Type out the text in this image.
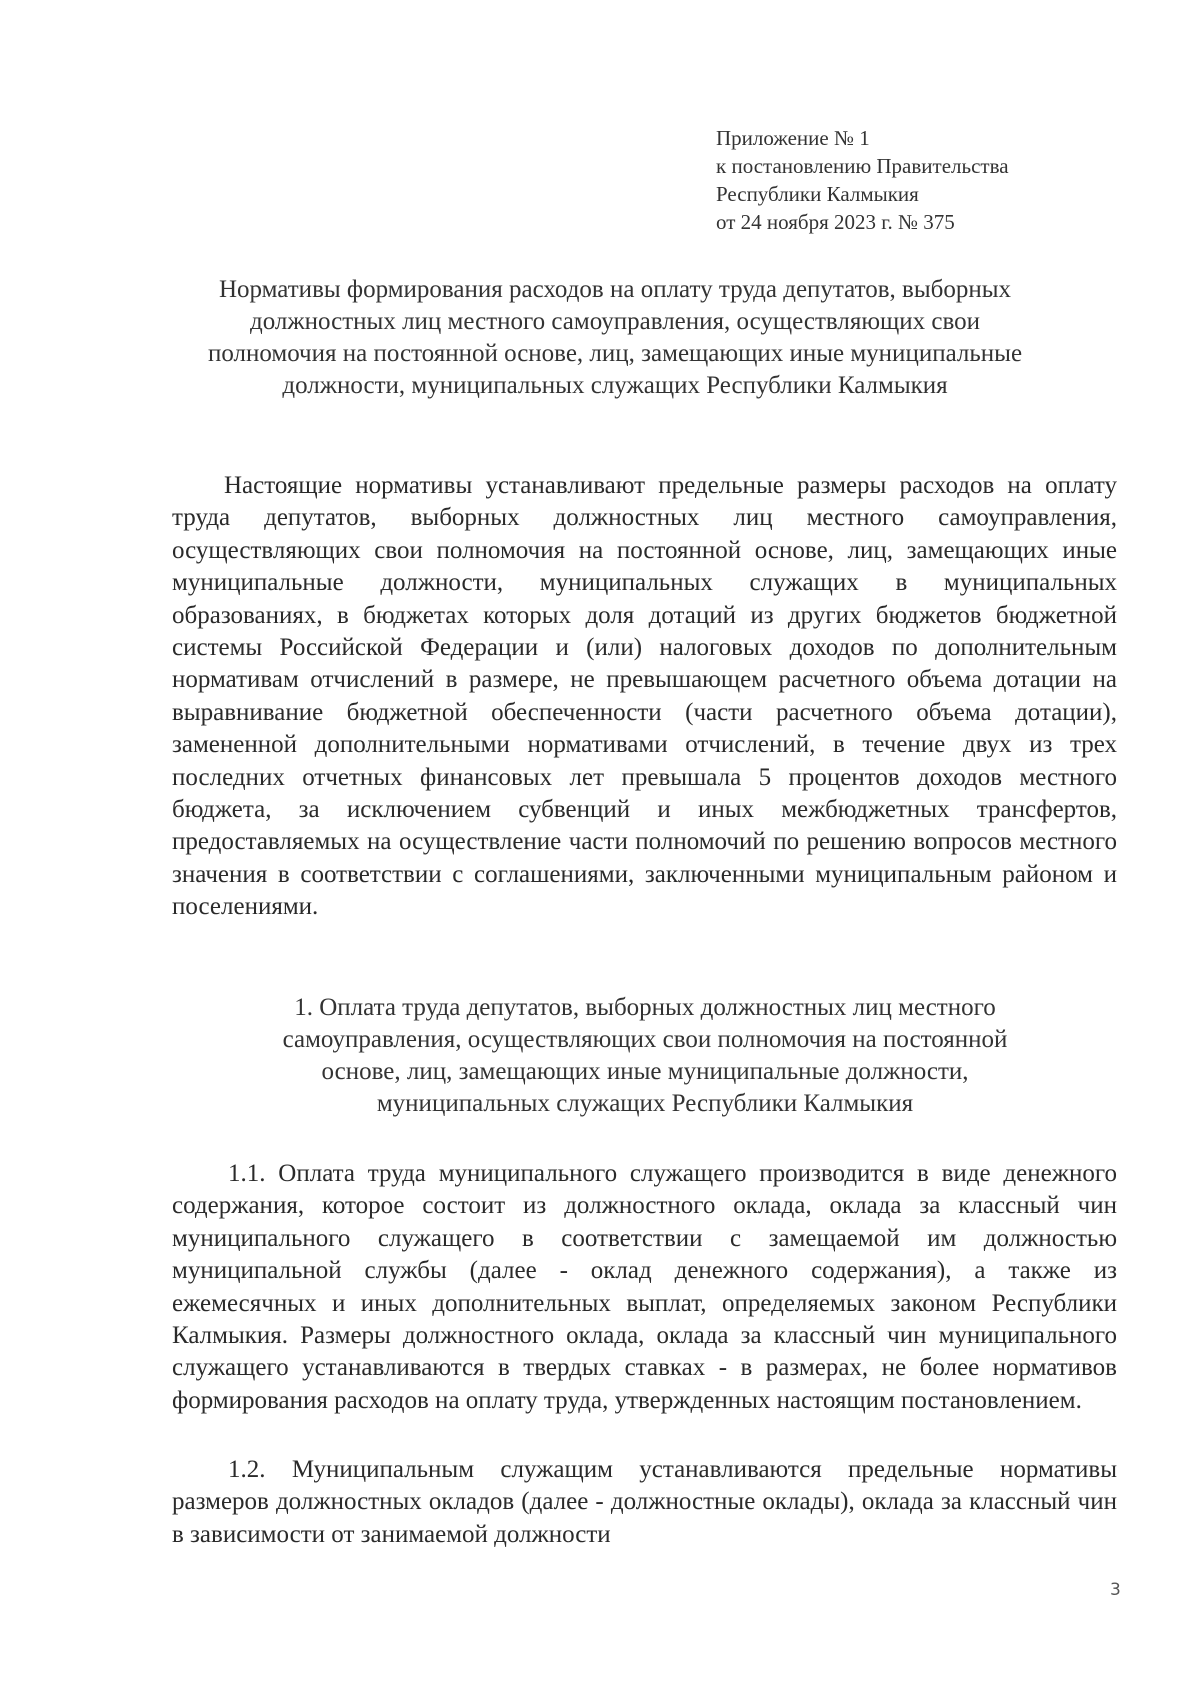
Приложение № 1
к постановлению Правительства
Республики Калмыкия
от 24 ноября 2023 г. № 375
Нормативы формирования расходов на оплату труда депутатов, выборных
должностных лиц местного самоуправления, осуществляющих свои
полномочия на постоянной основе, лиц, замещающих иные муниципальные
должности, муниципальных служащих Республики Калмыкия

Настоящие нормативы устанавливают предельные размеры расходов на оплату труда депутатов, выборных должностных лиц местного самоуправления, осуществляющих свои полномочия на постоянной основе, лиц, замещающих иные муниципальные должности, муниципальных служащих в муниципальных образованиях, в бюджетах которых доля дотаций из других бюджетов бюджетной системы Российской Федерации и (или) налоговых доходов по дополнительным нормативам отчислений в размере, не превышающем расчетного объема дотации на выравнивание бюджетной обеспеченности (части расчетного объема дотации), замененной дополнительными нормативами отчислений, в течение двух из трех последних отчетных финансовых лет превышала 5 процентов доходов местного бюджета, за исключением субвенций и иных межбюджетных трансфертов, предоставляемых на осуществление части полномочий по решению вопросов местного значения в соответствии с соглашениями, заключенными муниципальным районом и поселениями.

1. Оплата труда депутатов, выборных должностных лиц местного
самоуправления, осуществляющих свои полномочия на постоянной
основе, лиц, замещающих иные муниципальные должности,
муниципальных служащих Республики Калмыкия

1.1. Оплата труда муниципального служащего производится в виде денежного содержания, которое состоит из должностного оклада, оклада за классный чин муниципального служащего в соответствии с замещаемой им должностью муниципальной службы (далее - оклад денежного содержания), а также из ежемесячных и иных дополнительных выплат, определяемых законом Республики Калмыкия. Размеры должностного оклада, оклада за классный чин муниципального служащего устанавливаются в твердых ставках - в размерах, не более нормативов формирования расходов на оплату труда, утвержденных настоящим постановлением.

1.2. Муниципальным служащим устанавливаются предельные нормативы размеров должностных окладов (далее - должностные оклады), оклада за классный чин в зависимости от занимаемой должности

3
